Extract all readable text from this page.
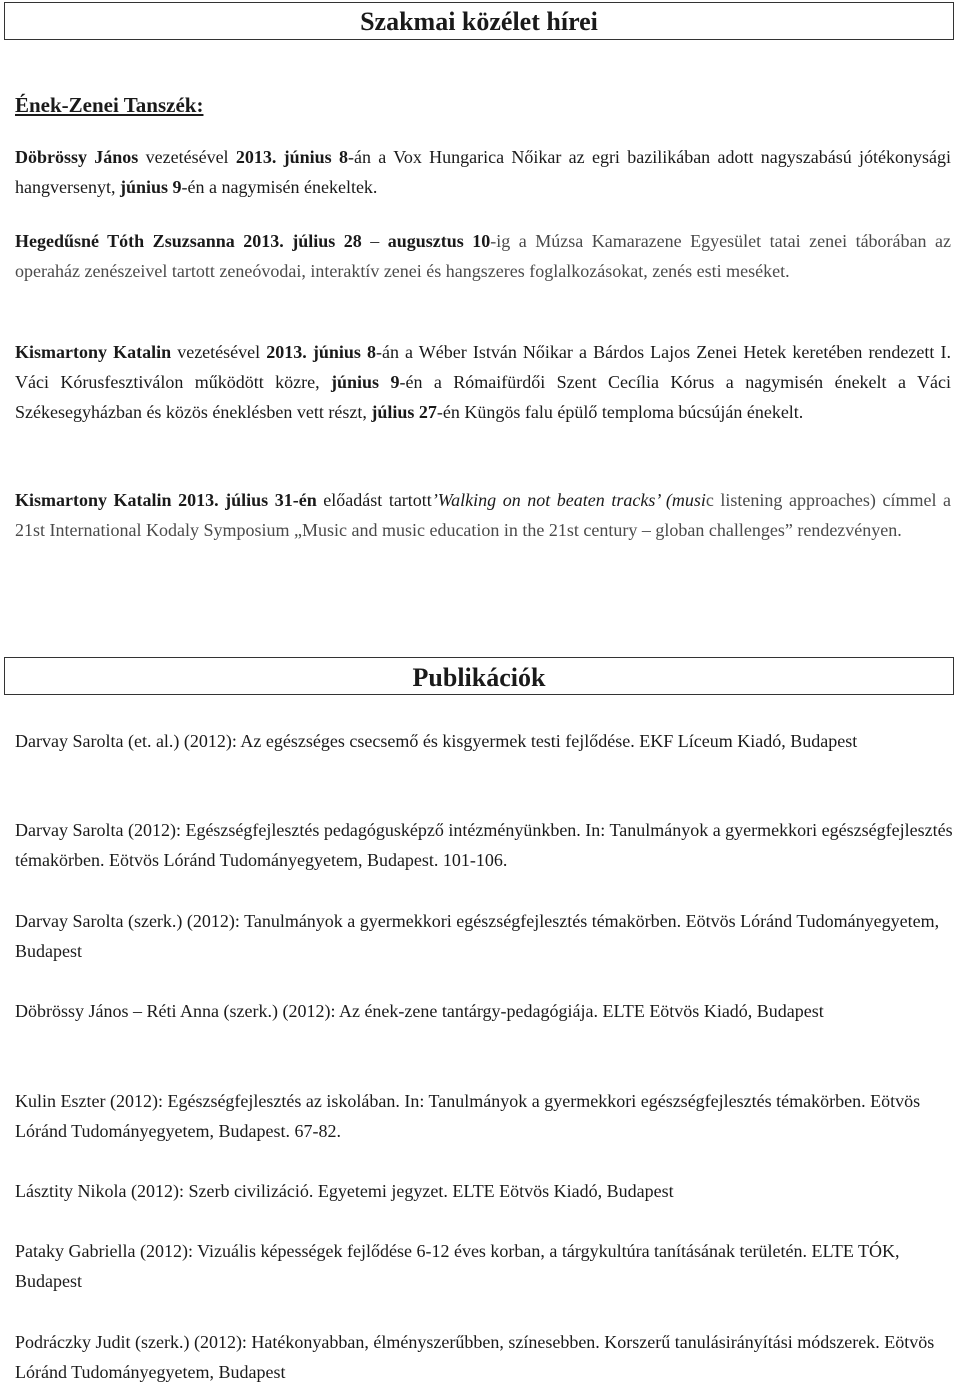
Szakmai közélet hírei
Ének-Zenei Tanszék:

Döbrössy János vezetésével 2013. június 8-án a Vox Hungarica Nőikar az egri bazilikában adott nagyszabású jótékonysági hangversenyt, június 9-én a nagymisén énekeltek.

Hegedűsné Tóth Zsuzsanna 2013. július 28 – augusztus 10-ig a Múzsa Kamarazene Egyesület tatai zenei táborában az operaház zenészeivel tartott zeneóvodai, interaktív zenei és hangszeres foglalkozásokat, zenés esti meséket.

Kismartony Katalin vezetésével 2013. június 8-án a Wéber István Nőikar a Bárdos Lajos Zenei Hetek keretében rendezett I. Váci Kórusfesztiválon működött közre, június 9-én a Rómaifürdői Szent Cecília Kórus a nagymisén énekelt a Váci Székesegyházban és közös éneklésben vett részt, július 27-én Küngös falu épülő temploma búcsúján énekelt.

Kismartony Katalin 2013. július 31-én előadást tartott’Walking on not beaten tracks’ (music listening approaches) címmel a 21st International Kodaly Symposium „Music and music education in the 21st century – globan challenges” rendezvényen.

Publikációk

Darvay Sarolta (et. al.) (2012): Az egészséges csecsemő és kisgyermek testi fejlődése. EKF Líceum Kiadó, Budapest

Darvay Sarolta (2012): Egészségfejlesztés pedagógusképző intézményünkben. In: Tanulmányok a gyermekkori egészségfejlesztés témakörben. Eötvös Lóránd Tudományegyetem, Budapest. 101-106.

Darvay Sarolta (szerk.) (2012): Tanulmányok a gyermekkori egészségfejlesztés témakörben. Eötvös Lóránd Tudományegyetem, Budapest

Döbrössy János – Réti Anna (szerk.) (2012): Az ének-zene tantárgy-pedagógiája. ELTE Eötvös Kiadó, Budapest

Kulin Eszter (2012): Egészségfejlesztés az iskolában. In: Tanulmányok a gyermekkori egészségfejlesztés témakörben. Eötvös Lóránd Tudományegyetem, Budapest. 67-82.

Lásztity Nikola (2012): Szerb civilizáció. Egyetemi jegyzet. ELTE Eötvös Kiadó, Budapest

Pataky Gabriella (2012): Vizuális képességek fejlődése 6-12 éves korban, a tárgykultúra tanításának területén. ELTE TÓK, Budapest

Podráczky Judit (szerk.) (2012): Hatékonyabban, élményszerűbben, színesebben. Korszerű tanulásirányítási módszerek. Eötvös Lóránd Tudományegyetem, Budapest
